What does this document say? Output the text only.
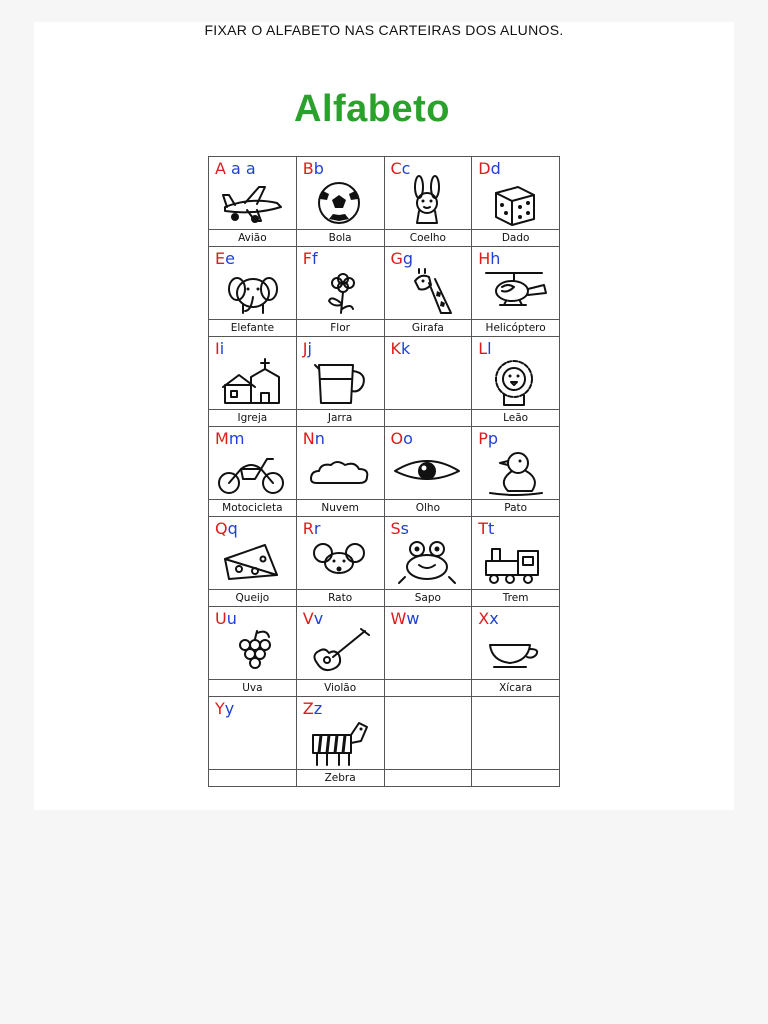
FIXAR O ALFABETO NAS CARTEIRAS DOS ALUNOS.
Alfabeto
A a a	Bb	Cc	Dd

Avião	Bola	Coelho	Dado

Ee	Ff	Gg	Hh

Elefante	Flor	Girafa	Helicóptero

Ii	Jj	Kk	Ll

Igreja	Jarra		Leão

Mm	Nn	Oo	Pp

Motocicleta	Nuvem	Olho	Pato

Qq	Rr	Ss	Tt

Queijo	Rato	Sapo	Trem

Uu	Vv	Ww	Xx

Uva	Violão		Xícara

Yy	Zz		

	Zebra		
